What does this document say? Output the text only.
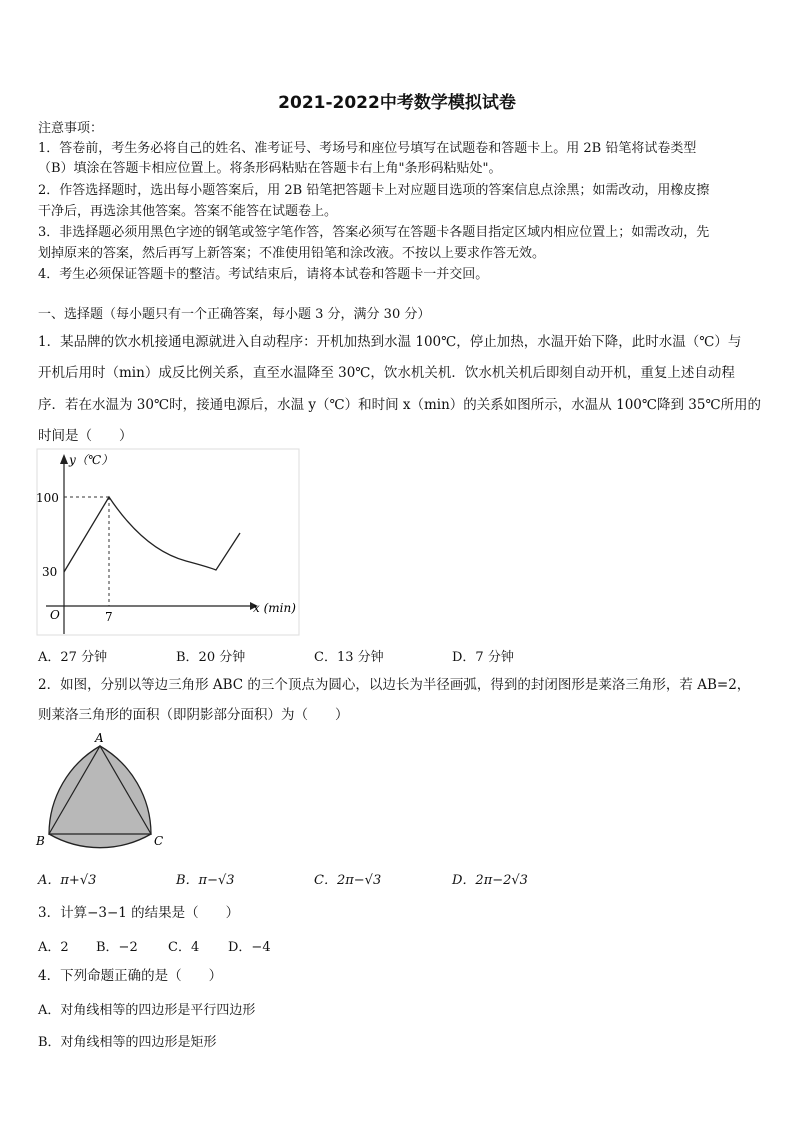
2021-2022中考数学模拟试卷
注意事项：
1．答卷前，考生务必将自己的姓名、准考证号、考场号和座位号填写在试题卷和答题卡上。用 2B 铅笔将试卷类型
（B）填涂在答题卡相应位置上。将条形码粘贴在答题卡右上角"条形码粘贴处"。
2．作答选择题时，选出每小题答案后，用 2B 铅笔把答题卡上对应题目选项的答案信息点涂黑；如需改动，用橡皮擦
干净后，再选涂其他答案。答案不能答在试题卷上。
3．非选择题必须用黑色字迹的钢笔或签字笔作答，答案必须写在答题卡各题目指定区域内相应位置上；如需改动，先
划掉原来的答案，然后再写上新答案；不准使用铅笔和涂改液。不按以上要求作答无效。
4．考生必须保证答题卡的整洁。考试结束后，请将本试卷和答题卡一并交回。
一、选择题（每小题只有一个正确答案，每小题 3 分，满分 30 分）
1．某品牌的饮水机接通电源就进入自动程序：开机加热到水温 100℃，停止加热，水温开始下降，此时水温（℃）与
开机后用时（min）成反比例关系，直至水温降至 30℃，饮水机关机．饮水机关机后即刻自动开机，重复上述自动程
序．若在水温为 30℃时，接通电源后，水温 y（℃）和时间 x（min）的关系如图所示，水温从 100℃降到 35℃所用的
时间是（　　）
y（℃）
x (min)
O
100
30
7
A．27 分钟	B．20 分钟	C．13 分钟	D．7 分钟
2．如图，分别以等边三角形 ABC 的三个顶点为圆心，以边长为半径画弧，得到的封闭图形是莱洛三角形，若 AB=2，
则莱洛三角形的面积（即阴影部分面积）为（　　）
A
B	C
A．π+√3	B．π−√3	C．2π−√3	D．2π−2√3
3．计算−3−1 的结果是（　　）
A．2 B．−2 C．4 D．−4
4．下列命题正确的是（　　）
A．对角线相等的四边形是平行四边形
B．对角线相等的四边形是矩形
